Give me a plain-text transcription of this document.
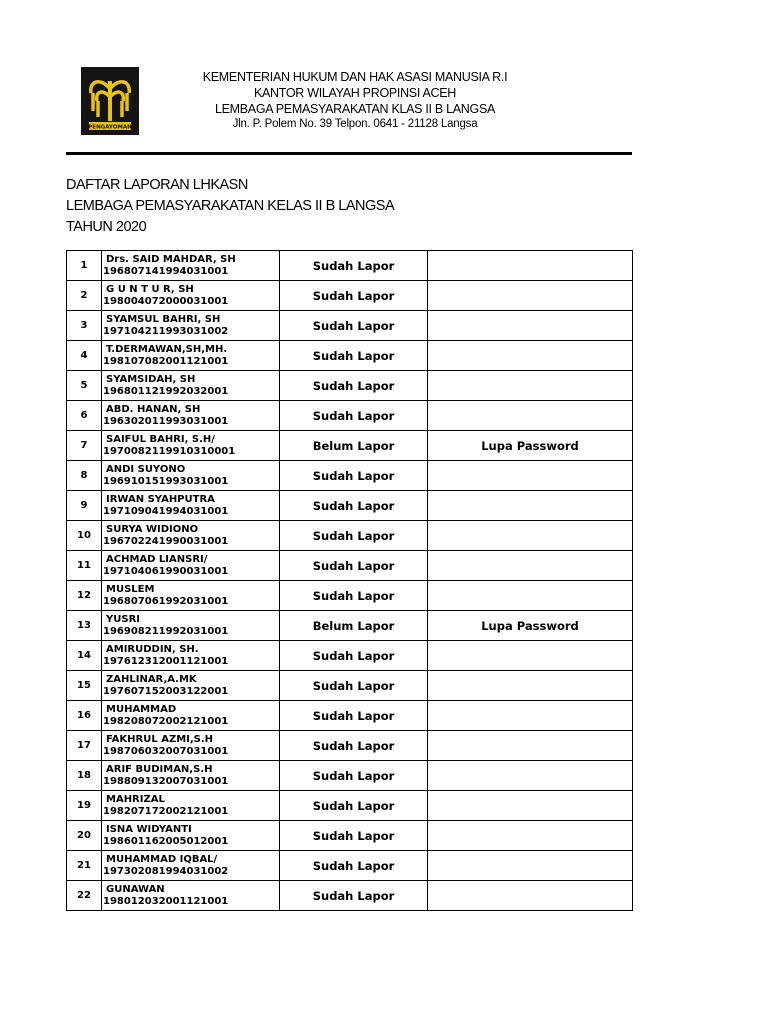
PENGAYOMAN
KEMENTERIAN HUKUM DAN HAK ASASI MANUSIA R.I
KANTOR WILAYAH PROPINSI ACEH
LEMBAGA PEMASYARAKATAN KLAS II B LANGSA
Jln. P. Polem No. 39 Telpon. 0641 - 21128 Langsa
DAFTAR LAPORAN LHKASN
LEMBAGA PEMASYARAKATAN KELAS II B LANGSA
TAHUN 2020
1	Drs. SAID MAHDAR, SH
196807141994031001	Sudah Lapor	
2	G U N T U R, SH
198004072000031001	Sudah Lapor	
3	SYAMSUL BAHRI, SH
197104211993031002	Sudah Lapor	
4	T.DERMAWAN,SH,MH.
198107082001121001	Sudah Lapor	
5	SYAMSIDAH, SH
196801121992032001	Sudah Lapor	
6	ABD. HANAN, SH
196302011993031001	Sudah Lapor	
7	SAIFUL BAHRI, S.H/
1970082119910310001	Belum Lapor	Lupa Password
8	ANDI SUYONO
196910151993031001	Sudah Lapor	
9	IRWAN SYAHPUTRA
197109041994031001	Sudah Lapor	
10	SURYA WIDIONO
196702241990031001	Sudah Lapor	
11	ACHMAD LIANSRI/
197104061990031001	Sudah Lapor	
12	MUSLEM
196807061992031001	Sudah Lapor	
13	YUSRI
196908211992031001	Belum Lapor	Lupa Password
14	AMIRUDDIN, SH.
197612312001121001	Sudah Lapor	
15	ZAHLINAR,A.MK
197607152003122001	Sudah Lapor	
16	MUHAMMAD
198208072002121001	Sudah Lapor	
17	FAKHRUL AZMI,S.H
198706032007031001	Sudah Lapor	
18	ARIF BUDIMAN,S.H
198809132007031001	Sudah Lapor	
19	MAHRIZAL
198207172002121001	Sudah Lapor	
20	ISNA WIDYANTI
198601162005012001	Sudah Lapor	
21	MUHAMMAD IQBAL/
197302081994031002	Sudah Lapor	
22	GUNAWAN
198012032001121001	Sudah Lapor	
